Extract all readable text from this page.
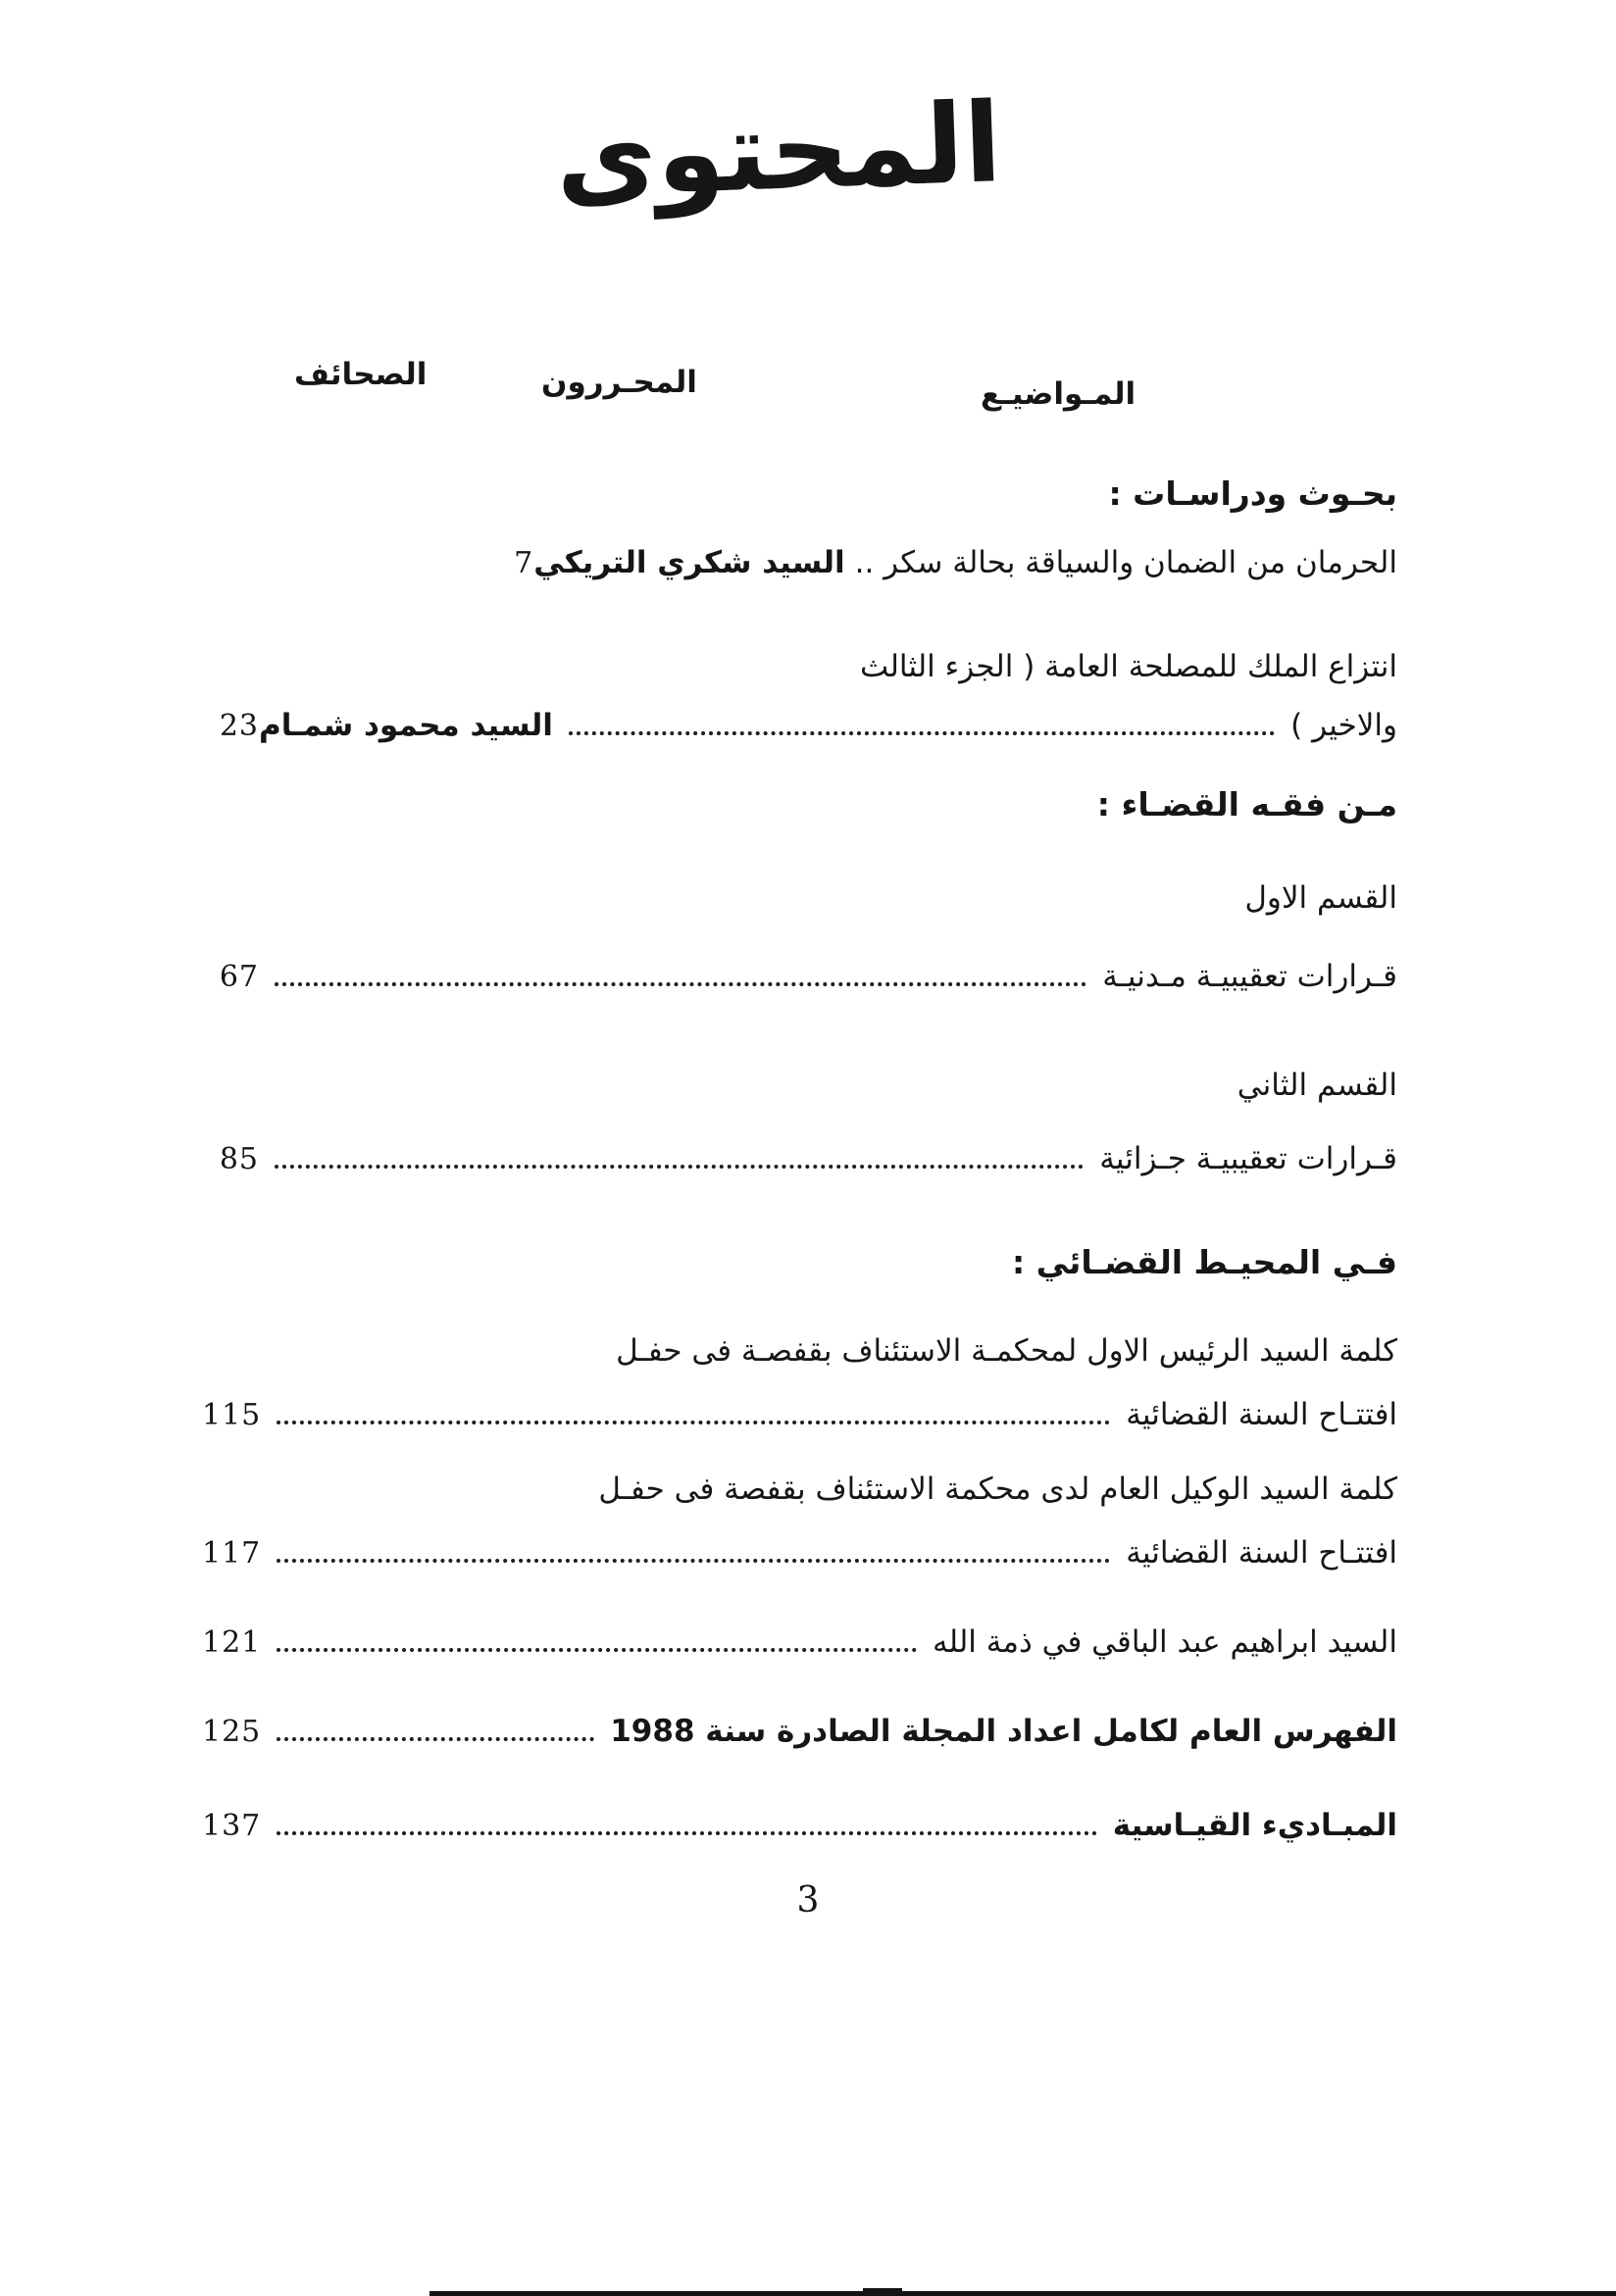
المحتوى
الصحائف	المحـررون	المـواضيـع
بحـوث ودراسـات :
الحرمان من الضمان والسياقة بحالة سكر ..
السيد شكري التريكي
7
انتزاع الملك للمصلحة العامة ( الجزء الثالث
والاخير )
السيد محمود شمـام
23
مـن فقـه القضـاء :
القسم الاول
قـرارات تعقيبيـة مـدنيـة
67
القسم الثاني
قـرارات تعقيبيـة جـزائية
85
فـي المحيـط القضـائي :
كلمة السيد الرئيس الاول لمحكمـة الاستئناف بقفصـة فى حفـل
افتتـاح السنة القضائية
115
كلمة السيد الوكيل العام لدى محكمة الاستئناف بقفصة فى حفـل
افتتـاح السنة القضائية
117
السيد ابراهيم عبد الباقي في ذمة الله
121
الفهرس العام لكامل اعداد المجلة الصادرة سنة 1988
125
المبـاديء القيـاسية
137
3
